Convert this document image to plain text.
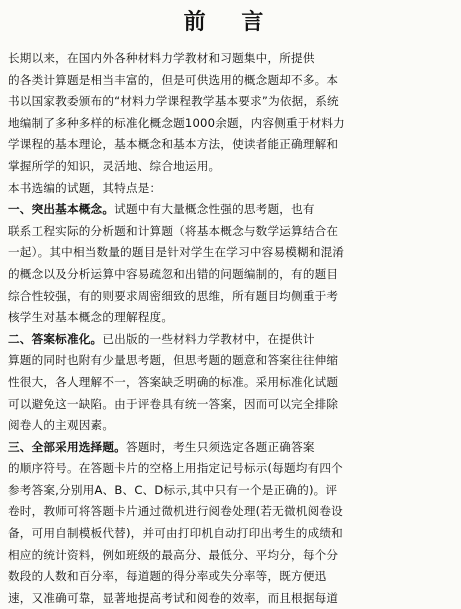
前 言
长期以来，在国内外各种材料力学教材和习题集中，所提供
的各类计算题是相当丰富的，但是可供选用的概念题却不多。本
书以国家教委颁布的“材料力学课程教学基本要求”为依据，系统
地编制了多种多样的标准化概念题1000余题，内容侧重于材料力
学课程的基本理论，基本概念和基本方法，使读者能正确理解和
掌握所学的知识，灵活地、综合地运用。
本书选编的试题，其特点是：
一、突出基本概念。试题中有大量概念性强的思考题，也有
联系工程实际的分析题和计算题（将基本概念与数学运算结合在
一起）。其中相当数量的题目是针对学生在学习中容易模糊和混淆
的概念以及分析运算中容易疏忽和出错的问题编制的，有的题目
综合性较强，有的则要求周密细致的思维，所有题目均侧重于考
核学生对基本概念的理解程度。
二、答案标准化。已出版的一些材料力学教材中，在提供计
算题的同时也附有少量思考题，但思考题的题意和答案往往伸缩
性很大，各人理解不一，答案缺乏明确的标准。采用标准化试题
可以避免这一缺陷。由于评卷具有统一答案，因而可以完全排除
阅卷人的主观因素。
三、全部采用选择题。答题时，考生只须选定各题正确答案
的顺序符号。在答题卡片的空格上用指定记号标示(每题均有四个
参考答案,分别用A、B、C、D标示,其中只有一个是正确的)。评
卷时，教师可将答题卡片通过微机进行阅卷处理(若无微机阅卷设
备，可用自制模板代替)，并可由打印机自动打印出考生的成绩和
相应的统计资料，例如班级的最高分、最低分、平均分，每个分
数段的人数和百分率，每道题的得分率或失分率等，既方便迅
速，又准确可靠，显著地提高考试和阅卷的效率，而且根据每道
